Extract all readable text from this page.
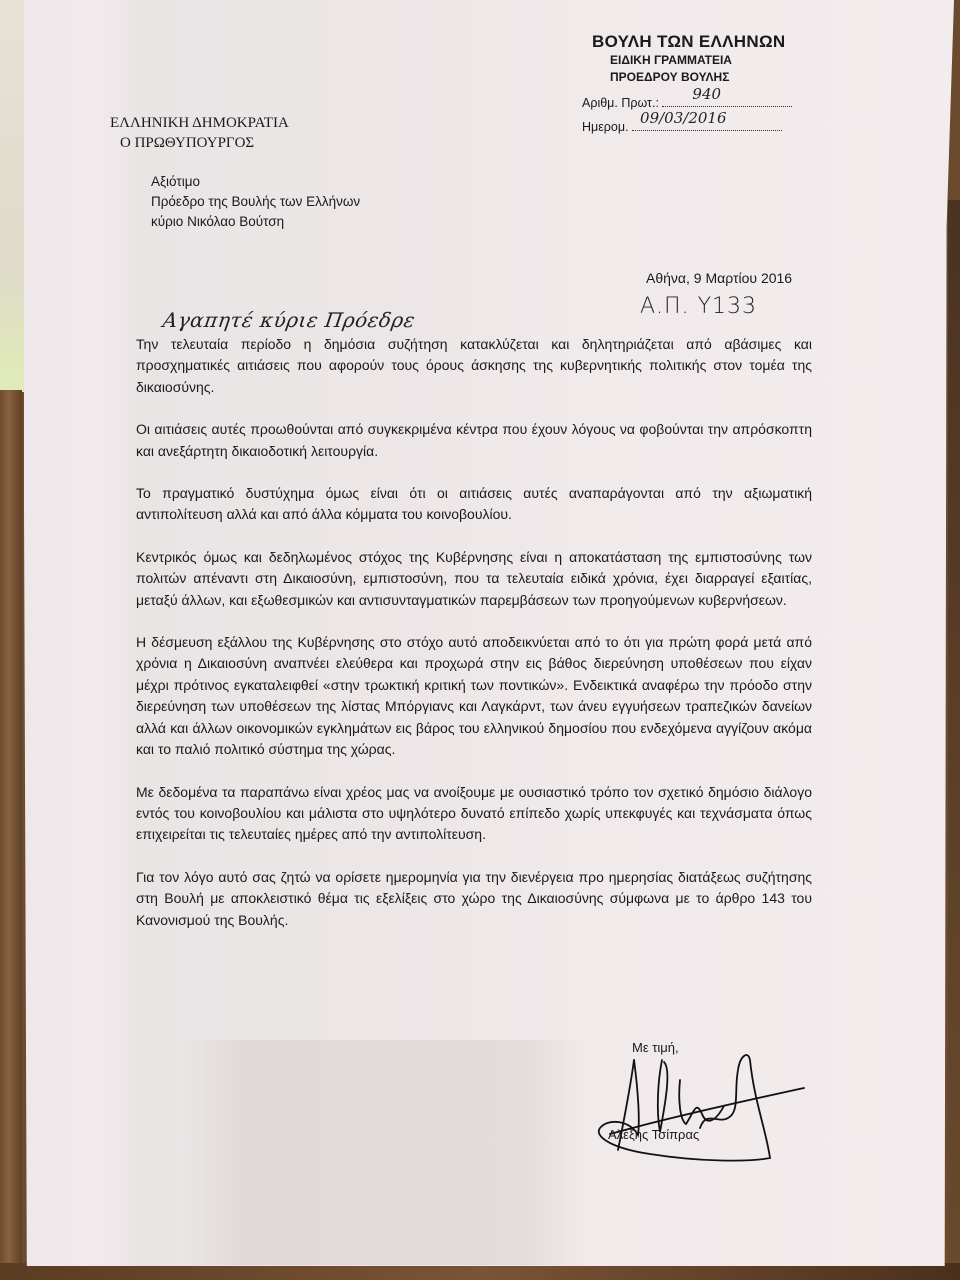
ΒΟΥΛΗ ΤΩΝ ΕΛΛΗΝΩΝ
ΕΙΔΙΚΗ ΓΡΑΜΜΑΤΕΙΑ
ΠΡΟΕΔΡΟΥ ΒΟΥΛΗΣ
Αριθμ. Πρωτ.: 940
Ημερομ. 09/03/2016
ΕΛΛΗΝΙΚΗ ΔΗΜΟΚΡΑΤΙΑ
Ο ΠΡΩΘΥΠΟΥΡΓΟΣ
Αξιότιμο
Πρόεδρο της Βουλής των Ελλήνων
κύριο Νικόλαο Βούτση
Αθήνα, 9 Μαρτίου 2016
Α.Π. Υ133
Αγαπητέ κύριε Πρόεδρε

Την τελευταία περίοδο η δημόσια συζήτηση κατακλύζεται και δηλητηριάζεται από αβάσιμες και προσχηματικές αιτιάσεις που αφορούν τους όρους άσκησης της κυβερνητικής πολιτικής στον τομέα της δικαιοσύνης.

Οι αιτιάσεις αυτές προωθούνται από συγκεκριμένα κέντρα που έχουν λόγους να φοβούνται την απρόσκοπτη και ανεξάρτητη δικαιοδοτική λειτουργία.

Το πραγματικό δυστύχημα όμως είναι ότι οι αιτιάσεις αυτές αναπαράγονται από την αξιωματική αντιπολίτευση αλλά και από άλλα κόμματα του κοινοβουλίου.

Κεντρικός όμως και δεδηλωμένος στόχος της Κυβέρνησης είναι η αποκατάσταση της εμπιστοσύνης των πολιτών απέναντι στη Δικαιοσύνη, εμπιστοσύνη, που τα τελευταία ειδικά χρόνια, έχει διαρραγεί εξαιτίας, μεταξύ άλλων, και εξωθεσμικών και αντισυνταγματικών παρεμβάσεων των προηγούμενων κυβερνήσεων.

Η δέσμευση εξάλλου της Κυβέρνησης στο στόχο αυτό αποδεικνύεται από το ότι για πρώτη φορά μετά από χρόνια η Δικαιοσύνη αναπνέει ελεύθερα και προχωρά στην εις βάθος διερεύνηση υποθέσεων που είχαν μέχρι πρότινος εγκαταλειφθεί «στην τρωκτική κριτική των ποντικών». Ενδεικτικά αναφέρω την πρόοδο στην διερεύνηση των υποθέσεων της λίστας Μπόργιανς και Λαγκάρντ, των άνευ εγγυήσεων τραπεζικών δανείων αλλά και άλλων οικονομικών εγκλημάτων εις βάρος του ελληνικού δημοσίου που ενδεχόμενα αγγίζουν ακόμα και το παλιό πολιτικό σύστημα της χώρας.

Με δεδομένα τα παραπάνω είναι χρέος μας να ανοίξουμε με ουσιαστικό τρόπο τον σχετικό δημόσιο διάλογο εντός του κοινοβουλίου και μάλιστα στο υψηλότερο δυνατό επίπεδο χωρίς υπεκφυγές και τεχνάσματα όπως επιχειρείται τις τελευταίες ημέρες από την αντιπολίτευση.

Για τον λόγο αυτό σας ζητώ να ορίσετε ημερομηνία για την διενέργεια προ ημερησίας διατάξεως συζήτησης στη Βουλή με αποκλειστικό θέμα τις εξελίξεις στο χώρο της Δικαιοσύνης σύμφωνα με το άρθρο 143 του Κανονισμού της Βουλής.

Με τιμή,
Αλέξης Τσίπρας
